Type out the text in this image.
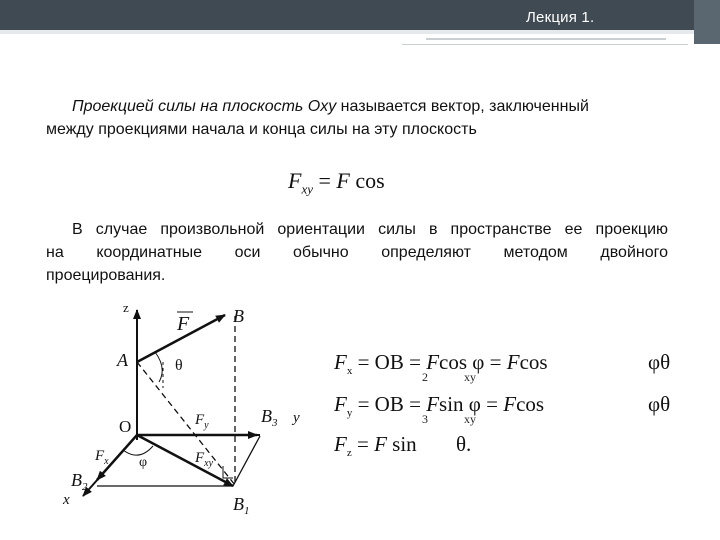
Лекция 1.
Проекцией силы на плоскость Oxy называется вектор, заключенный
между проекциями начала и конца силы на эту плоскость
$F_{xy} = F$ cos
В случае произвольной ориентации силы в пространстве ее проекцию
на координатные оси обычно определяют методом двойного
проецирования.
z
F B
A	θ
O	$F_y$	$B_3$ y
$F_x$ φ	$F_{xy}$
$B_2$
x	$B_1$
$F_x$ = OB
2
= F
xy
cos φ = Fcos	φθ
$F_y$ = OB
3
= F
xy
sin φ = Fcos	φθ
$F_z = F$ sin θ.
